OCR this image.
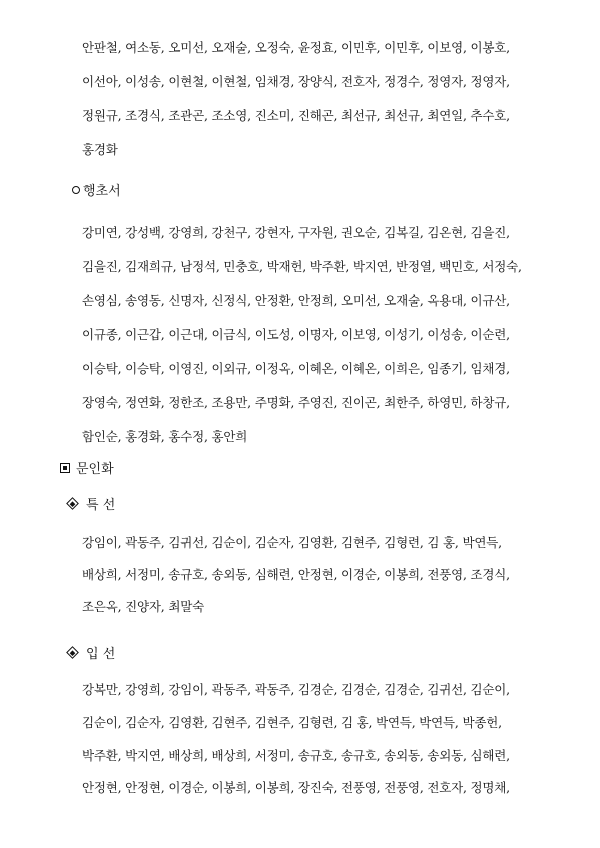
안판철, 여소동, 오미선, 오재술, 오정숙, 윤정효, 이민후, 이민후, 이보영, 이봉호,
이선아, 이성송, 이현철, 이현철, 임채경, 장양식, 전호자, 정경수, 정영자, 정영자,
정원규, 조경식, 조관곤, 조소영, 진소미, 진해곤, 최선규, 최선규, 최연일, 추수호,
홍경화
행초서
강미연, 강성백, 강영희, 강천구, 강현자, 구자원, 권오순, 김복길, 김온현, 김을진,
김을진, 김재희규, 남정석, 민충호, 박재헌, 박주환, 박지연, 반정열, 백민호, 서정숙,
손영심, 송영동, 신명자, 신정식, 안정환, 안정희, 오미선, 오재술, 옥용대, 이규산,
이규종, 이근갑, 이근대, 이금식, 이도성, 이명자, 이보영, 이성기, 이성송, 이순련,
이승탁, 이승탁, 이영진, 이외규, 이정옥, 이혜온, 이혜온, 이희은, 임종기, 임채경,
장영숙, 정연화, 정한조, 조용만, 주명화, 주영진, 진이곤, 최한주, 하영민, 하창규,
함인순, 홍경화, 홍수정, 홍안희
문인화
특 선
강임이, 곽동주, 김귀선, 김순이, 김순자, 김영환, 김현주, 김형련, 김 홍, 박연득,
배상희, 서정미, 송규호, 송외동, 심해련, 안정현, 이경순, 이봉희, 전풍영, 조경식,
조은옥, 진양자, 최말숙
입 선
강복만, 강영희, 강임이, 곽동주, 곽동주, 김경순, 김경순, 김경순, 김귀선, 김순이,
김순이, 김순자, 김영환, 김현주, 김현주, 김형련, 김 홍, 박연득, 박연득, 박종헌,
박주환, 박지연, 배상희, 배상희, 서정미, 송규호, 송규호, 송외동, 송외동, 심해련,
안정현, 안정현, 이경순, 이봉희, 이봉희, 장진숙, 전풍영, 전풍영, 전호자, 정명채,
